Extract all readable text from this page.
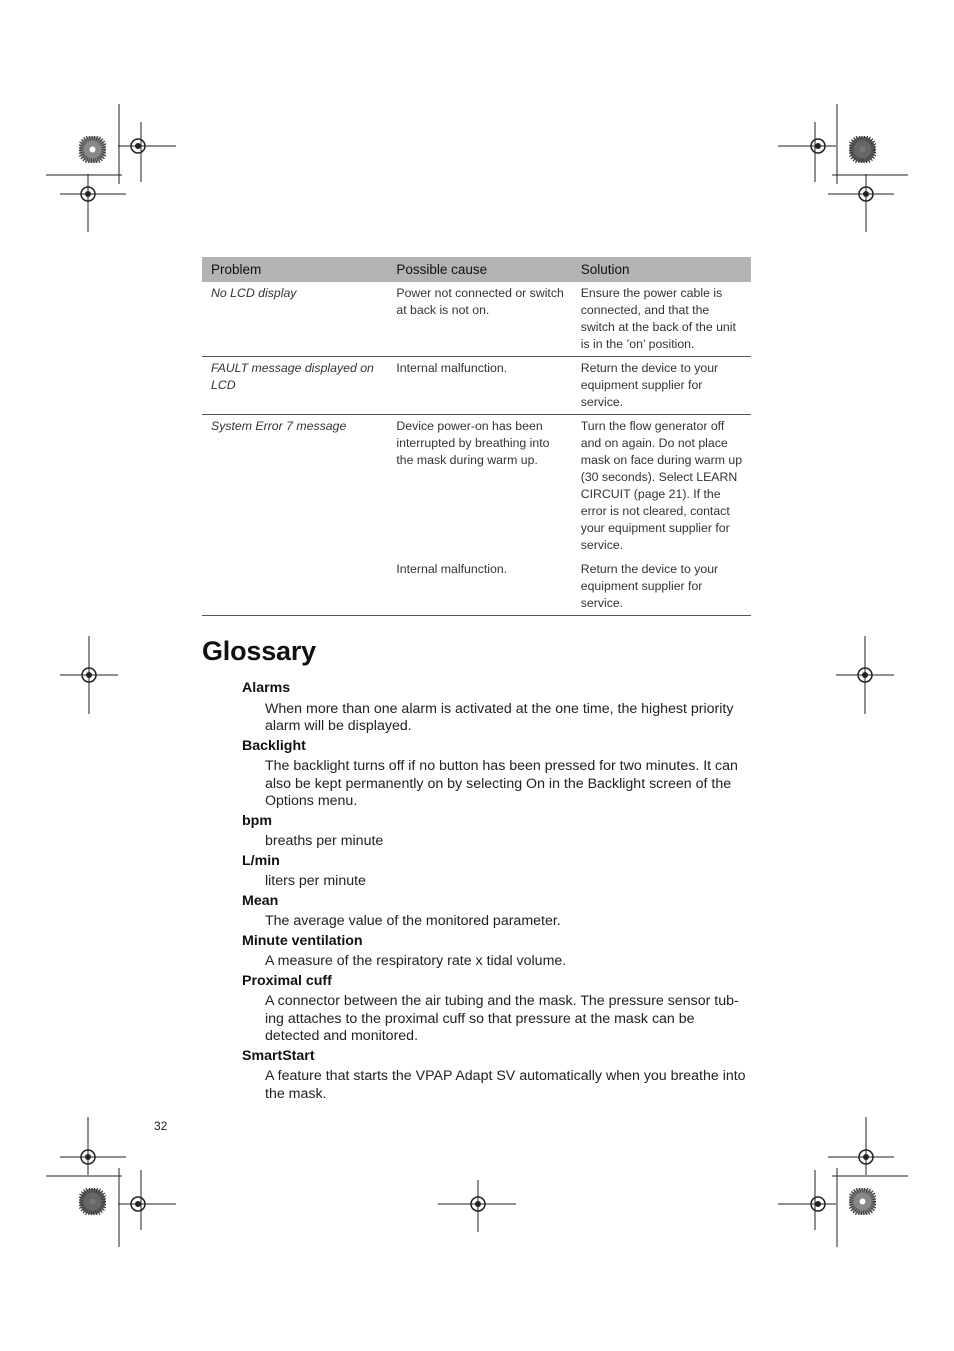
Problem	Possible cause	Solution
No LCD display	Power not connected or switch at back is not on.	Ensure the power cable is connected, and that the switch at the back of the unit is in the ’on’ position.
FAULT message displayed on LCD	Internal malfunction.	Return the device to your equipment supplier for service.
System Error 7 message	Device power-on has been interrupted by breathing into the mask during warm up.	Turn the flow generator off and on again. Do not place mask on face during warm up (30 seconds). Select LEARN CIRCUIT (page 21). If the error is not cleared, contact your equipment supplier for service.
	Internal malfunction.	Return the device to your equipment supplier for service.
Glossary

Alarms

When more than one alarm is activated at the one time, the highest priority alarm will be displayed.

Backlight

The backlight turns off if no button has been pressed for two minutes. It can also be kept permanently on by selecting On in the Backlight screen of the Options menu.

bpm

breaths per minute

L/min

liters per minute

Mean

The average value of the monitored parameter.

Minute ventilation

A measure of the respiratory rate x tidal volume.

Proximal cuff

A connector between the air tubing and the mask. The pressure sensor tub-ing attaches to the proximal cuff so that pressure at the mask can be detected and monitored.

SmartStart

A feature that starts the VPAP Adapt SV automatically when you breathe into the mask.

32
